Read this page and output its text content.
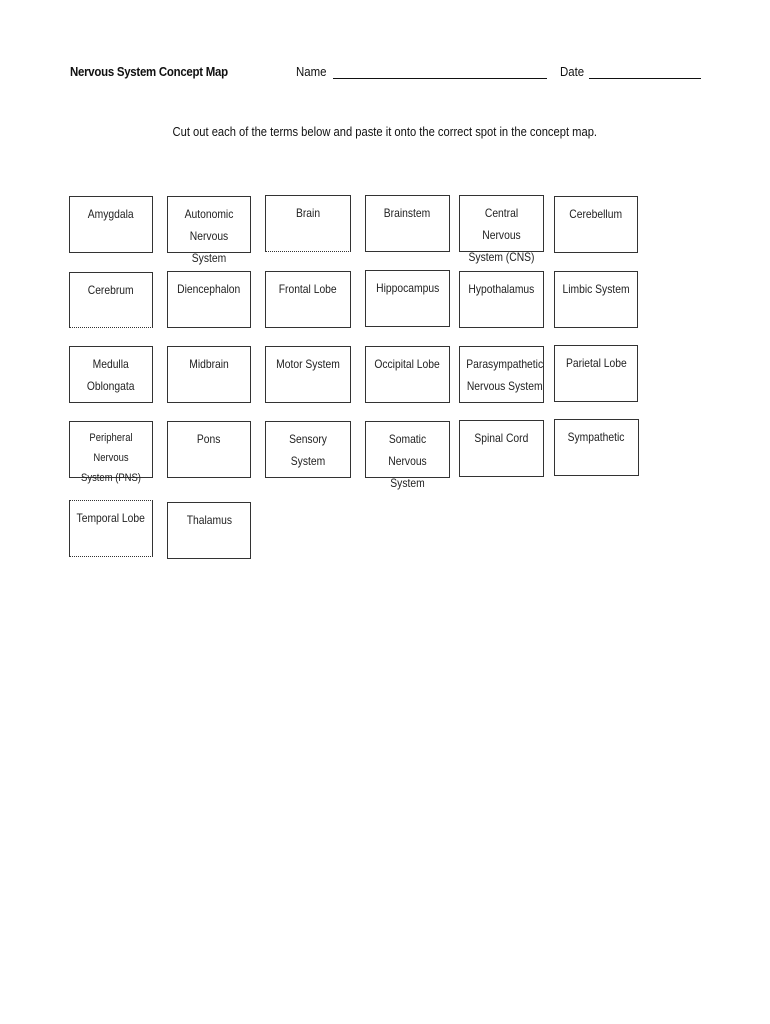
Nervous System Concept Map	Name	Date
Cut out each of the terms below and paste it onto the correct spot in the concept map.
Amygdala	Autonomic
Nervous System
Brain	Brainstem	Central Nervous
System (CNS)
Cerebellum
Cerebrum	Diencephalon	Frontal Lobe	Hippocampus	Hypothalamus	Limbic System
Medulla
Oblongata
Midbrain	Motor System	Occipital Lobe	Parasympathetic
Nervous System
Parietal Lobe
Peripheral Nervous
System (PNS)
Pons	Sensory System
Somatic Nervous
System
Spinal Cord	Sympathetic
Temporal Lobe	Thalamus
